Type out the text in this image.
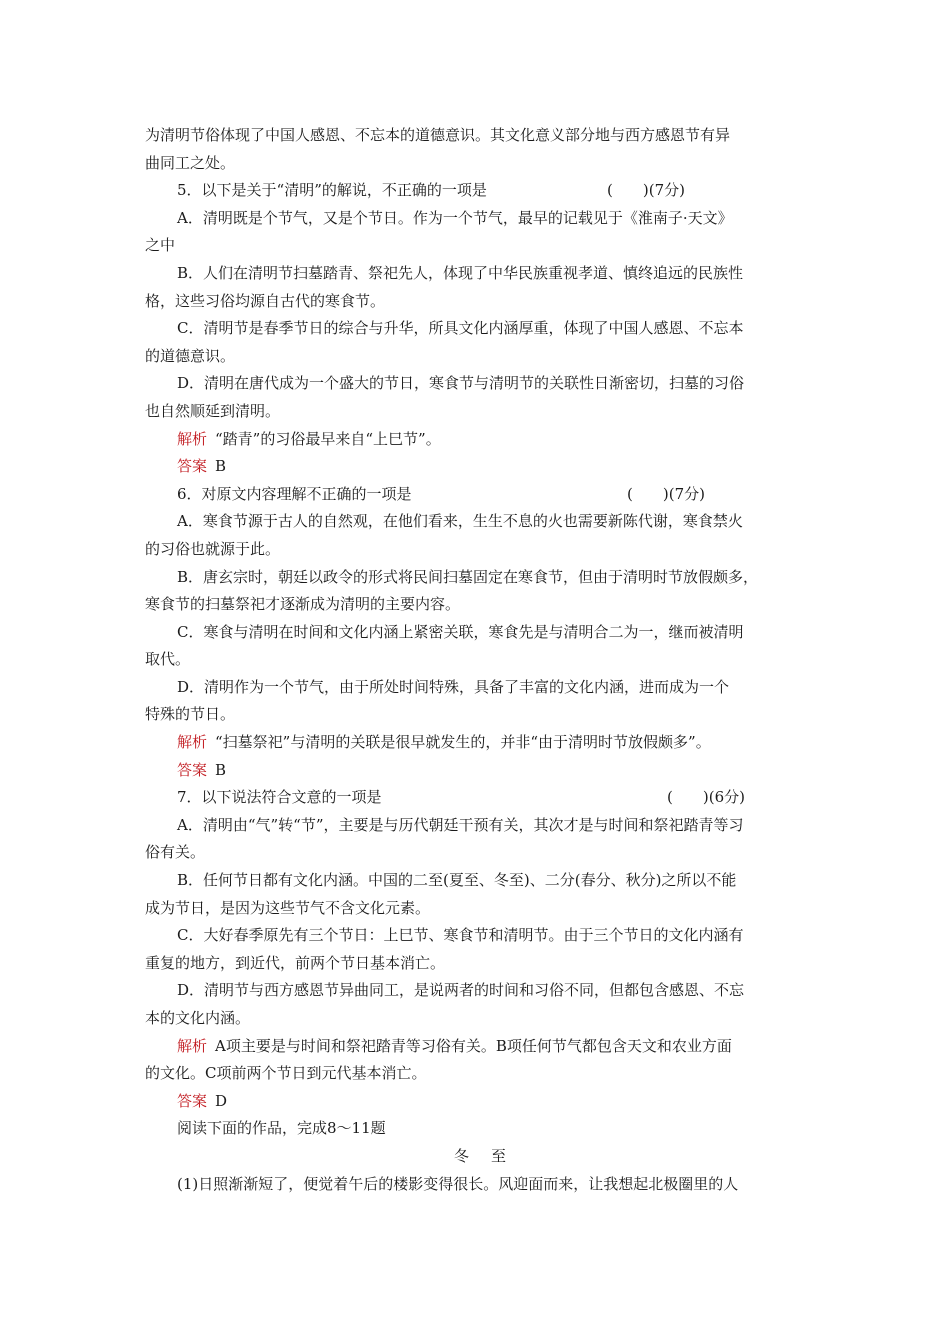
为清明节俗体现了中国人感恩、不忘本的道德意识。其文化意义部分地与西方感恩节有异

曲同工之处。

5．以下是关于“清明”的解说，不正确的一项是	(　　)(7分)

A．清明既是个节气，又是个节日。作为一个节气，最早的记载见于《淮南子·天文》

之中

B．人们在清明节扫墓踏青、祭祀先人，体现了中华民族重视孝道、慎终追远的民族性

格，这些习俗均源自古代的寒食节。

C．清明节是春季节日的综合与升华，所具文化内涵厚重，体现了中国人感恩、不忘本

的道德意识。

D．清明在唐代成为一个盛大的节日，寒食节与清明节的关联性日渐密切，扫墓的习俗

也自然顺延到清明。

解析 “踏青”的习俗最早来自“上巳节”。

答案 B

6．对原文内容理解不正确的一项是	(　　)(7分)

A．寒食节源于古人的自然观，在他们看来，生生不息的火也需要新陈代谢，寒食禁火

的习俗也就源于此。

B．唐玄宗时，朝廷以政令的形式将民间扫墓固定在寒食节，但由于清明时节放假颇多，

寒食节的扫墓祭祀才逐渐成为清明的主要内容。

C．寒食与清明在时间和文化内涵上紧密关联，寒食先是与清明合二为一，继而被清明

取代。

D．清明作为一个节气，由于所处时间特殊，具备了丰富的文化内涵，进而成为一个

特殊的节日。

解析 “扫墓祭祀”与清明的关联是很早就发生的，并非“由于清明时节放假颇多”。

答案 B

7．以下说法符合文意的一项是	(　　)(6分)

A．清明由“气”转“节”，主要是与历代朝廷干预有关，其次才是与时间和祭祀踏青等习

俗有关。

B．任何节日都有文化内涵。中国的二至(夏至、冬至)、二分(春分、秋分)之所以不能

成为节日，是因为这些节气不含文化元素。

C．大好春季原先有三个节日：上巳节、寒食节和清明节。由于三个节日的文化内涵有

重复的地方，到近代，前两个节日基本消亡。

D．清明节与西方感恩节异曲同工，是说两者的时间和习俗不同，但都包含感恩、不忘

本的文化内涵。

解析 A项主要是与时间和祭祀踏青等习俗有关。B项任何节气都包含天文和农业方面

的文化。C项前两个节日到元代基本消亡。

答案 D

阅读下面的作品，完成8～11题

冬至

(1)日照渐渐短了，便觉着午后的楼影变得很长。风迎面而来，让我想起北极圈里的人
